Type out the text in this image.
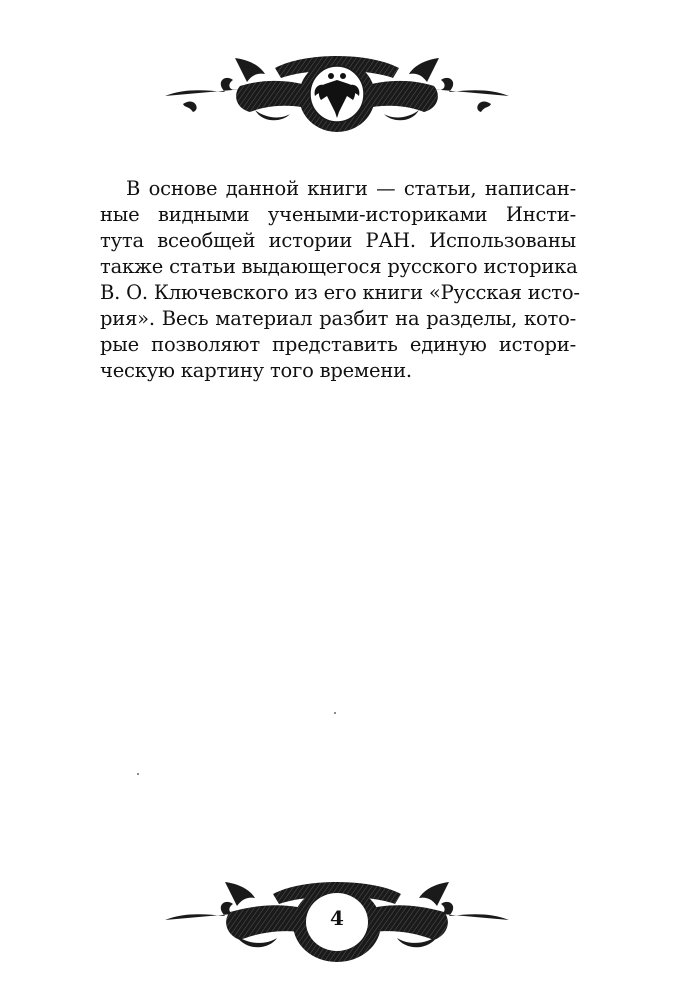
В основе данной книги — статьи, написан-
ные видными учеными-историками Инсти-
тута всеобщей истории РАН. Использованы
также статьи выдающегося русского историка
В. О. Ключевского из его книги «Русская исто-
рия». Весь материал разбит на разделы, кото-
рые позволяют представить единую истори-
ческую картину того времени.
4
